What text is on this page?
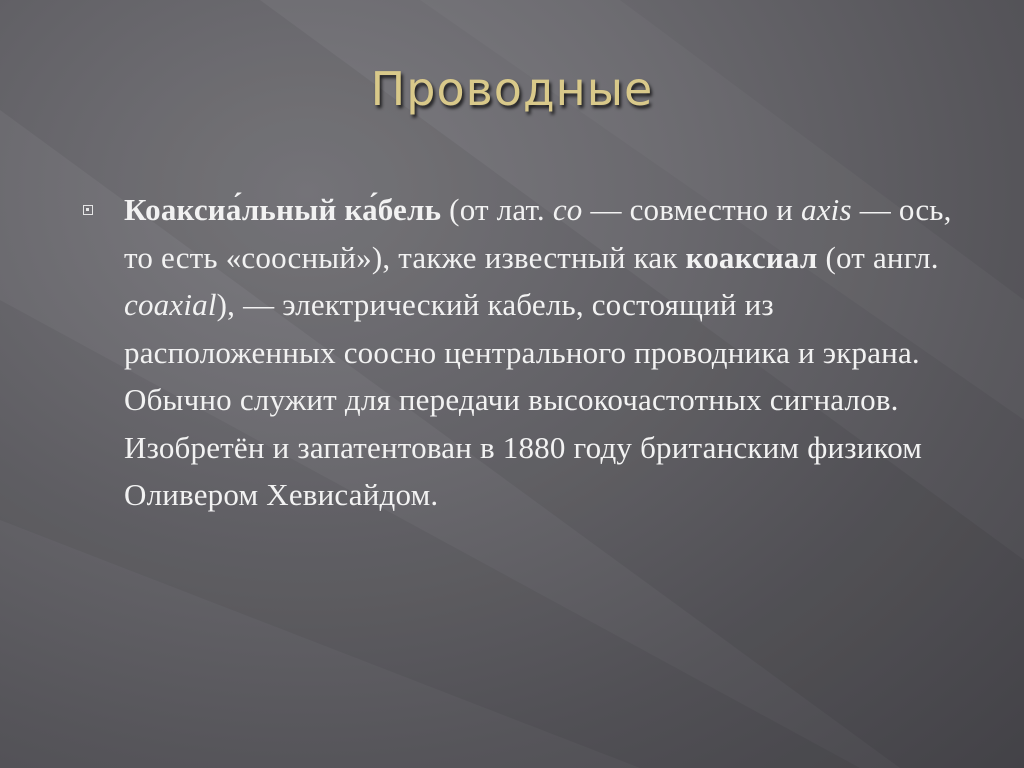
Проводные

Коаксиа́льный ка́бель (от лат. co — совместно и axis — ось, то есть «соосный»), также известный как коаксиал (от англ. coaxial), — электрический кабель, состоящий из расположенных соосно центрального проводника и экрана. Обычно служит для передачи высокочастотных сигналов. Изобретён и запатентован в 1880 году британским физиком Оливером Хевисайдом.
